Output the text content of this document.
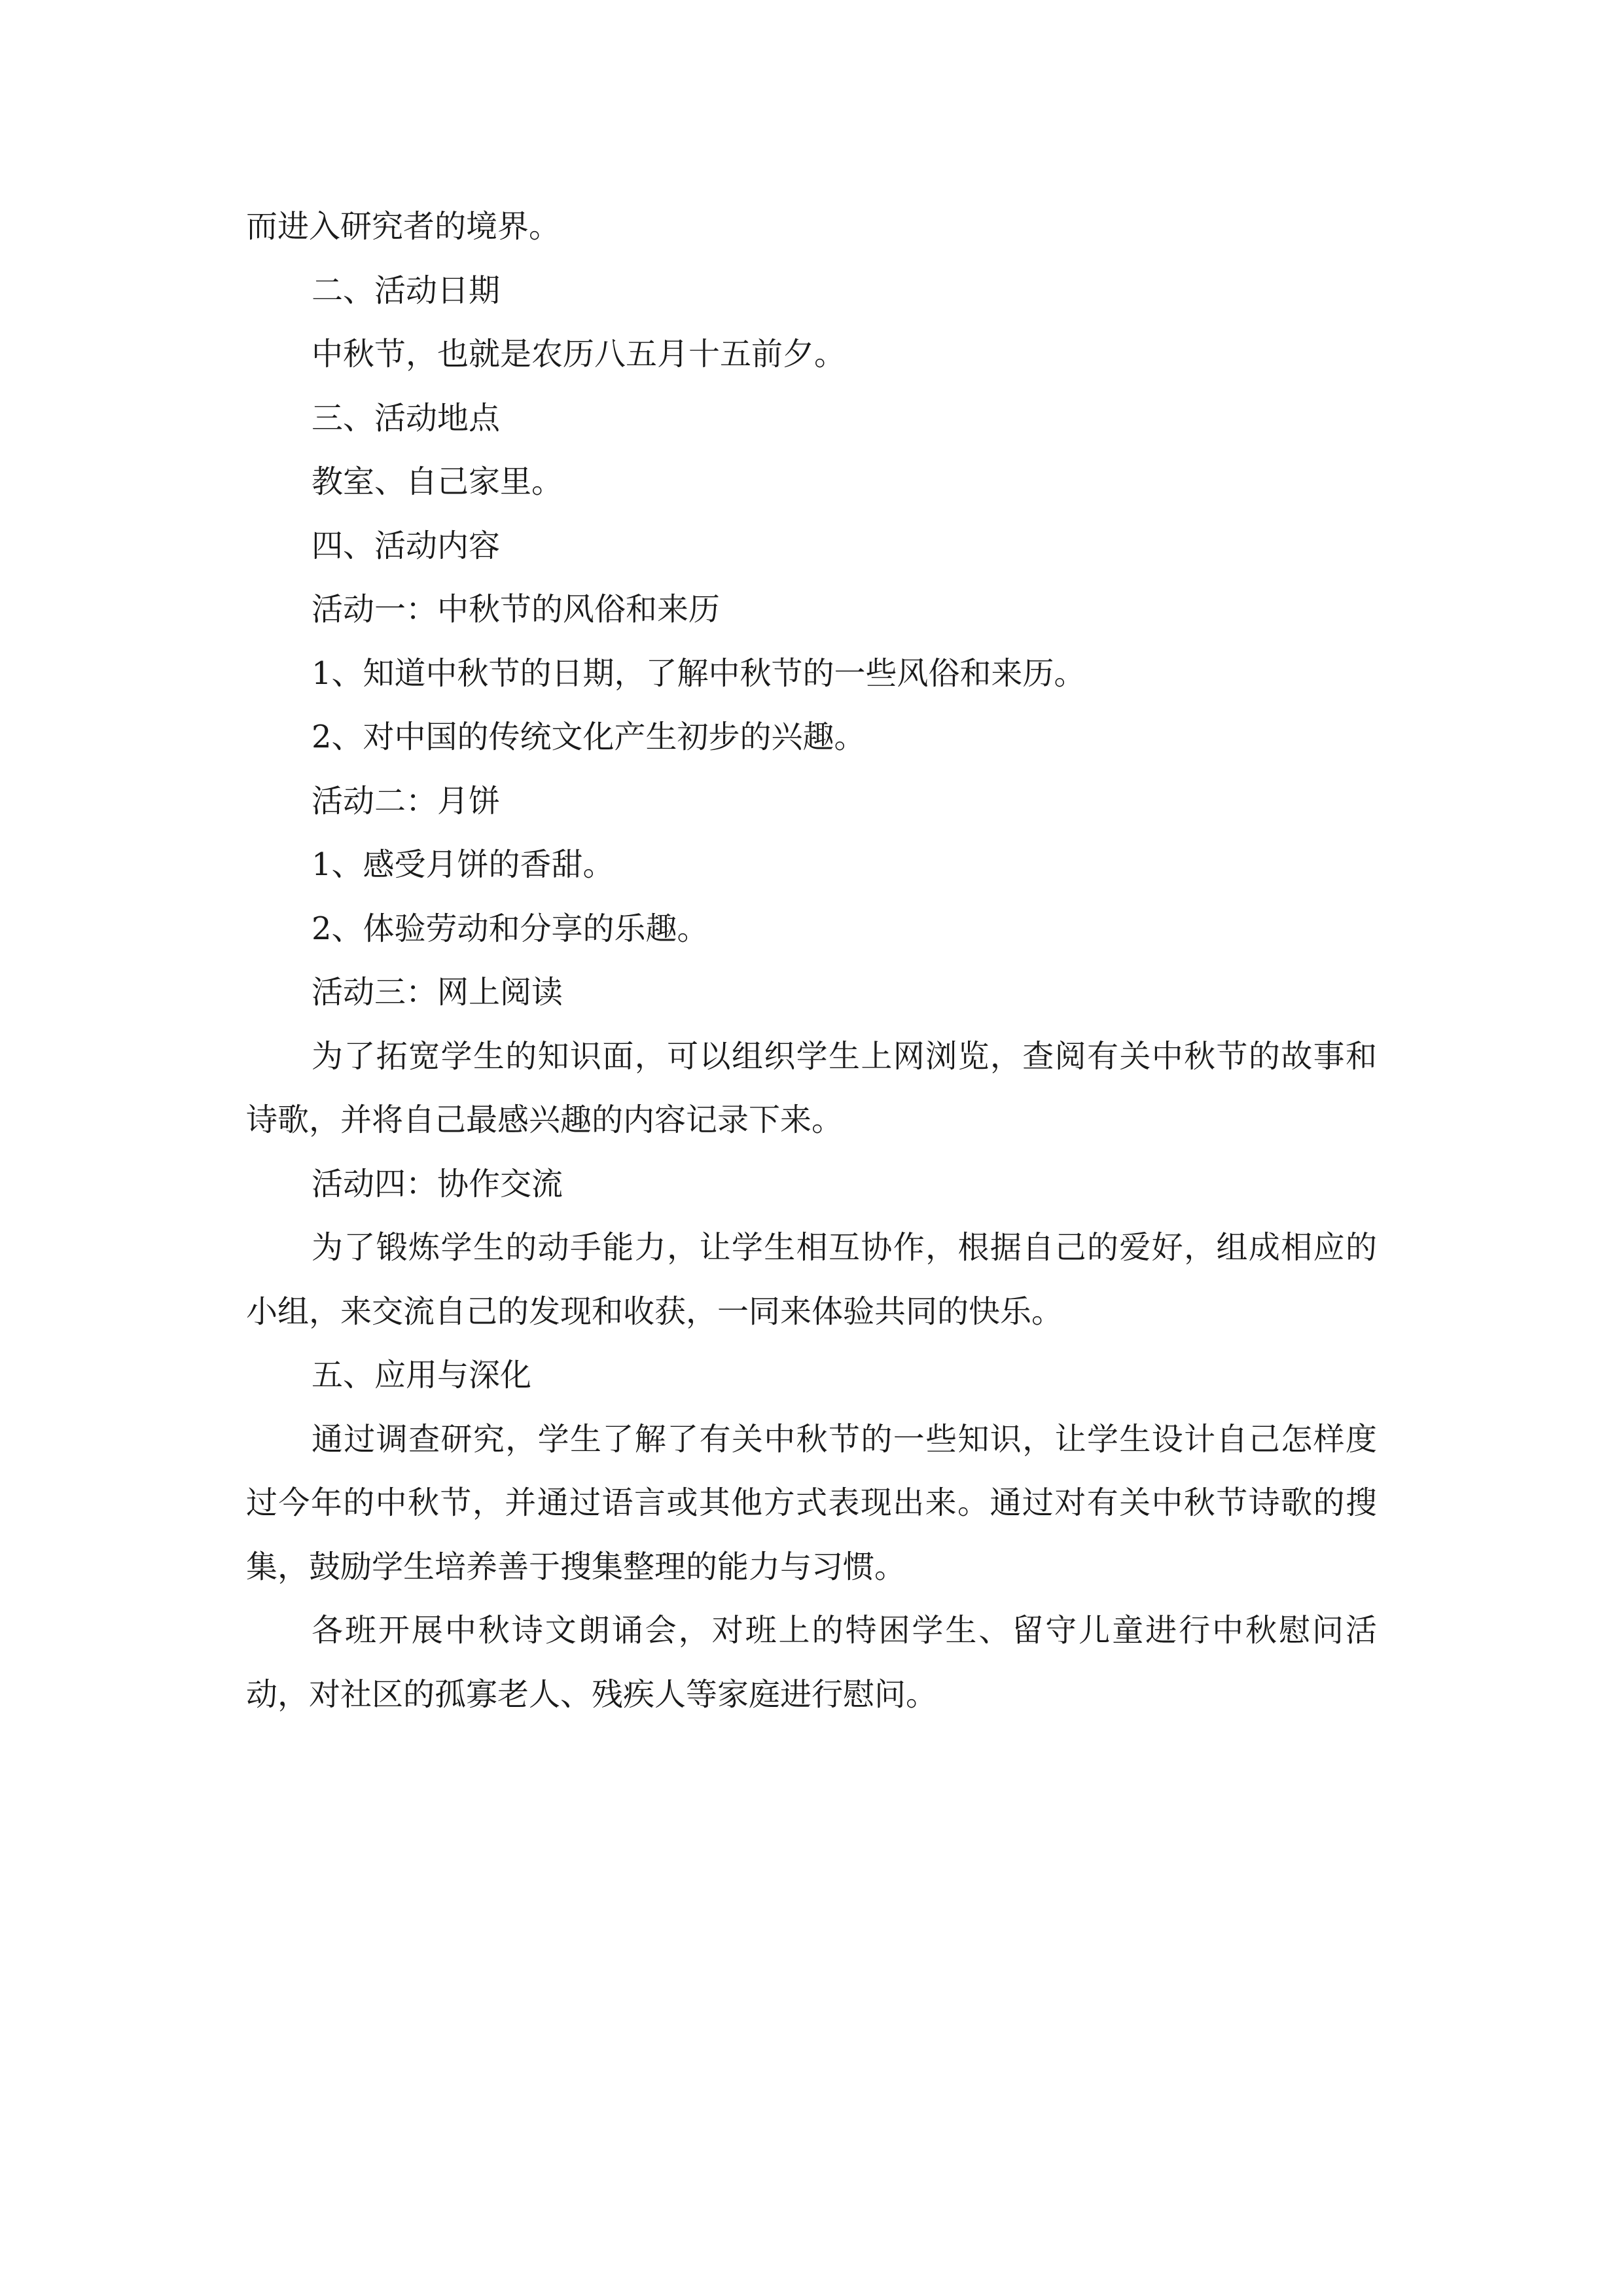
而进入研究者的境界。

二、活动日期

中秋节，也就是农历八五月十五前夕。

三、活动地点

教室、自己家里。

四、活动内容

活动一：中秋节的风俗和来历

1、知道中秋节的日期，了解中秋节的一些风俗和来历。

2、对中国的传统文化产生初步的兴趣。

活动二：月饼

1、感受月饼的香甜。

2、体验劳动和分享的乐趣。

活动三：网上阅读

为了拓宽学生的知识面，可以组织学生上网浏览，查阅有关中秋节的故事和诗歌，并将自己最感兴趣的内容记录下来。

活动四：协作交流

为了锻炼学生的动手能力，让学生相互协作，根据自己的爱好，组成相应的小组，来交流自己的发现和收获，一同来体验共同的快乐。

五、应用与深化

通过调查研究，学生了解了有关中秋节的一些知识，让学生设计自己怎样度过今年的中秋节，并通过语言或其他方式表现出来。通过对有关中秋节诗歌的搜集，鼓励学生培养善于搜集整理的能力与习惯。

各班开展中秋诗文朗诵会，对班上的特困学生、留守儿童进行中秋慰问活动，对社区的孤寡老人、残疾人等家庭进行慰问。
